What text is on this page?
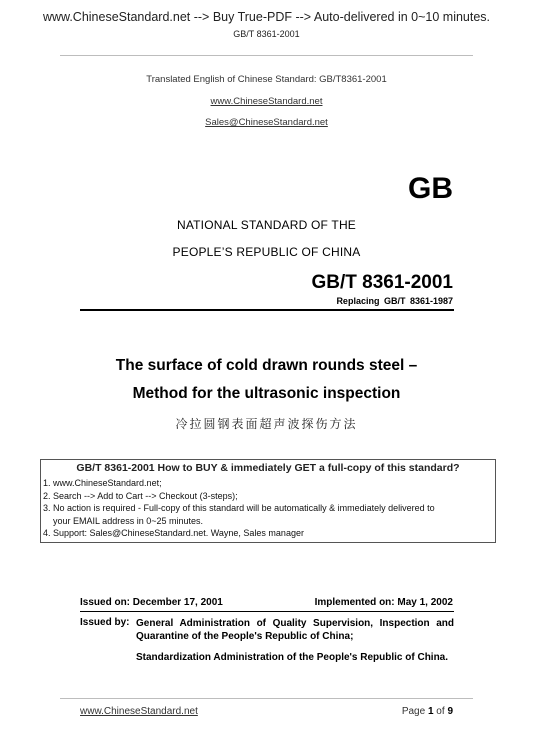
www.ChineseStandard.net --> Buy True-PDF --> Auto-delivered in 0~10 minutes.
GB/T 8361-2001
Translated English of Chinese Standard: GB/T8361-2001
www.ChineseStandard.net
Sales@ChineseStandard.net
GB
NATIONAL STANDARD OF THE
PEOPLE’S REPUBLIC OF CHINA
GB/T 8361-2001
Replacing GB/T 8361-1987
The surface of cold drawn rounds steel –
Method for the ultrasonic inspection
冷拉圆钢表面超声波探伤方法
GB/T 8361-2001 How to BUY & immediately GET a full-copy of this standard?
1. www.ChineseStandard.net;
2. Search --> Add to Cart --> Checkout (3-steps);
3. No action is required - Full-copy of this standard will be automatically & immediately delivered to
your EMAIL address in 0~25 minutes.
4. Support: Sales@ChineseStandard.net. Wayne, Sales manager
Issued on: December 17, 2001	Implemented on: May 1, 2002
Issued by: General Administration of Quality Supervision, Inspection and Quarantine of the People's Republic of China;
Standardization Administration of the People's Republic of China.
www.ChineseStandard.net	Page 1 of 9
